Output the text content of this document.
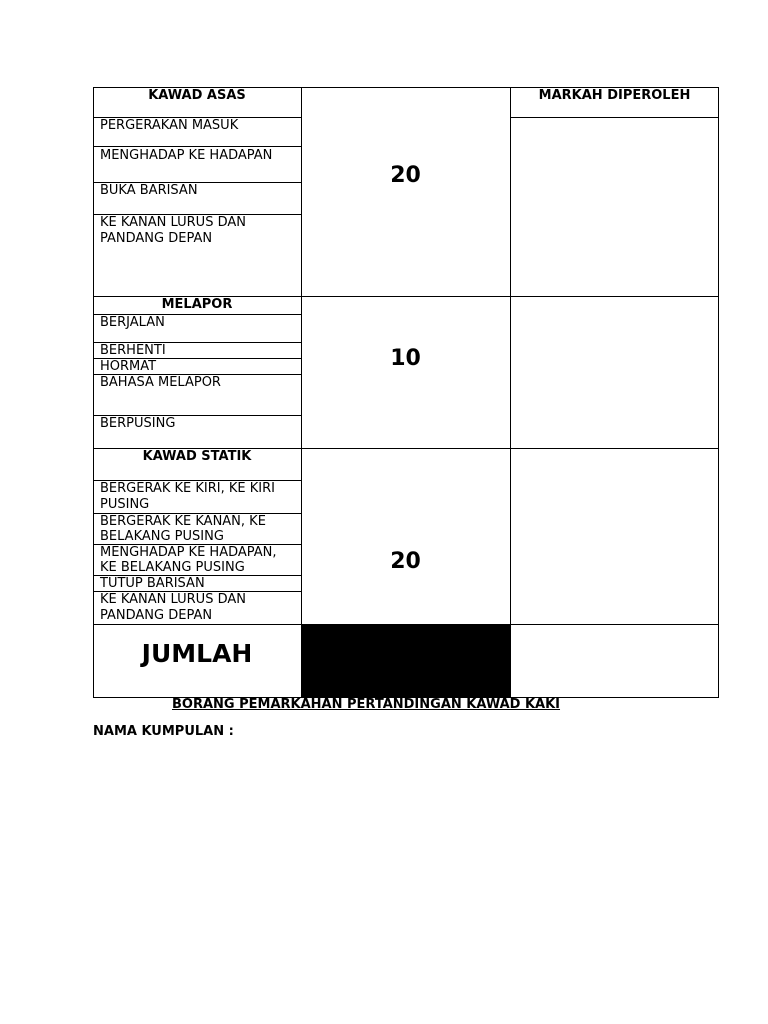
KAWAD ASAS	MARKAH DIPEROLEH
PERGERAKAN MASUK
MENGHADAP KE HADAPAN
BUKA BARISAN
KE KANAN LURUS DAN
PANDANG DEPAN
20
MELAPOR
BERJALAN
BERHENTI
HORMAT
BAHASA MELAPOR
BERPUSING
10
KAWAD STATIK
BERGERAK KE KIRI, KE KIRI
PUSING
BERGERAK KE KANAN, KE
BELAKANG PUSING
MENGHADAP KE HADAPAN,
KE BELAKANG PUSING
TUTUP BARISAN
KE KANAN LURUS DAN
PANDANG DEPAN
20
JUMLAH
BORANG PEMARKAHAN PERTANDINGAN KAWAD KAKI
NAMA KUMPULAN :
